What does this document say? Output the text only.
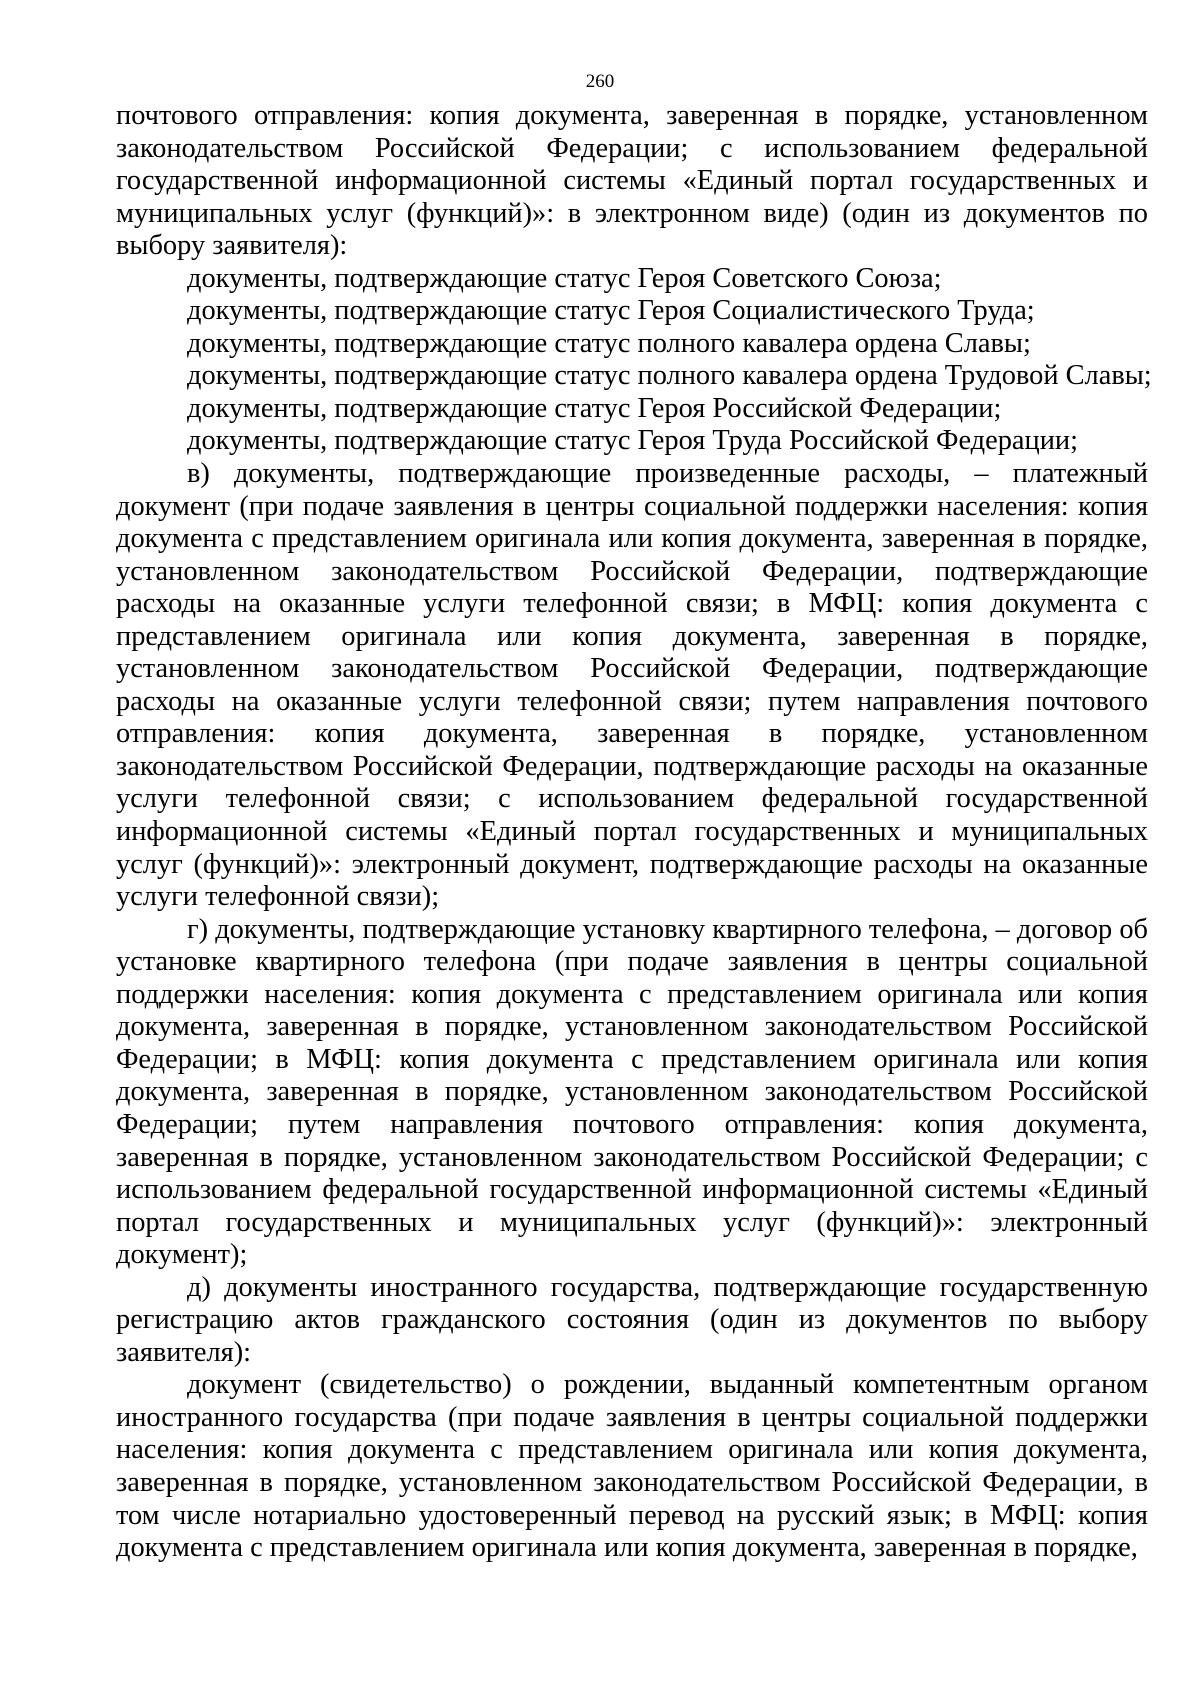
260

почтового отправления: копия документа, заверенная в порядке, установленном законодательством Российской Федерации; с использованием федеральной государственной информационной системы «Единый портал государственных и муниципальных услуг (функций)»: в электронном виде) (один из документов по выбору заявителя):

документы, подтверждающие статус Героя Советского Союза;

документы, подтверждающие статус Героя Социалистического Труда;

документы, подтверждающие статус полного кавалера ордена Славы;

документы, подтверждающие статус полного кавалера ордена Трудовой Славы;

документы, подтверждающие статус Героя Российской Федерации;

документы, подтверждающие статус Героя Труда Российской Федерации;

в) документы, подтверждающие произведенные расходы, – платежный документ (при подаче заявления в центры социальной поддержки населения: копия документа с представлением оригинала или копия документа, заверенная в порядке, установленном законодательством Российской Федерации, подтверждающие расходы на оказанные услуги телефонной связи; в МФЦ: копия документа с представлением оригинала или копия документа, заверенная в порядке, установленном законодательством Российской Федерации, подтверждающие расходы на оказанные услуги телефонной связи; путем направления почтового отправления: копия документа, заверенная в порядке, установленном законодательством Российской Федерации, подтверждающие расходы на оказанные услуги телефонной связи; с использованием федеральной государственной информационной системы «Единый портал государственных и муниципальных услуг (функций)»: электронный документ, подтверждающие расходы на оказанные услуги телефонной связи);

г) документы, подтверждающие установку квартирного телефона, – договор об установке квартирного телефона (при подаче заявления в центры социальной поддержки населения: копия документа с представлением оригинала или копия документа, заверенная в порядке, установленном законодательством Российской Федерации; в МФЦ: копия документа с представлением оригинала или копия документа, заверенная в порядке, установленном законодательством Российской Федерации; путем направления почтового отправления: копия документа, заверенная в порядке, установленном законодательством Российской Федерации; с использованием федеральной государственной информационной системы «Единый портал государственных и муниципальных услуг (функций)»: электронный документ);

д) документы иностранного государства, подтверждающие государственную регистрацию актов гражданского состояния (один из документов по выбору заявителя):

документ (свидетельство) о рождении, выданный компетентным органом иностранного государства (при подаче заявления в центры социальной поддержки населения: копия документа с представлением оригинала или копия документа, заверенная в порядке, установленном законодательством Российской Федерации, в том числе нотариально удостоверенный перевод на русский язык; в МФЦ: копия документа с представлением оригинала или копия документа, заверенная в порядке,
